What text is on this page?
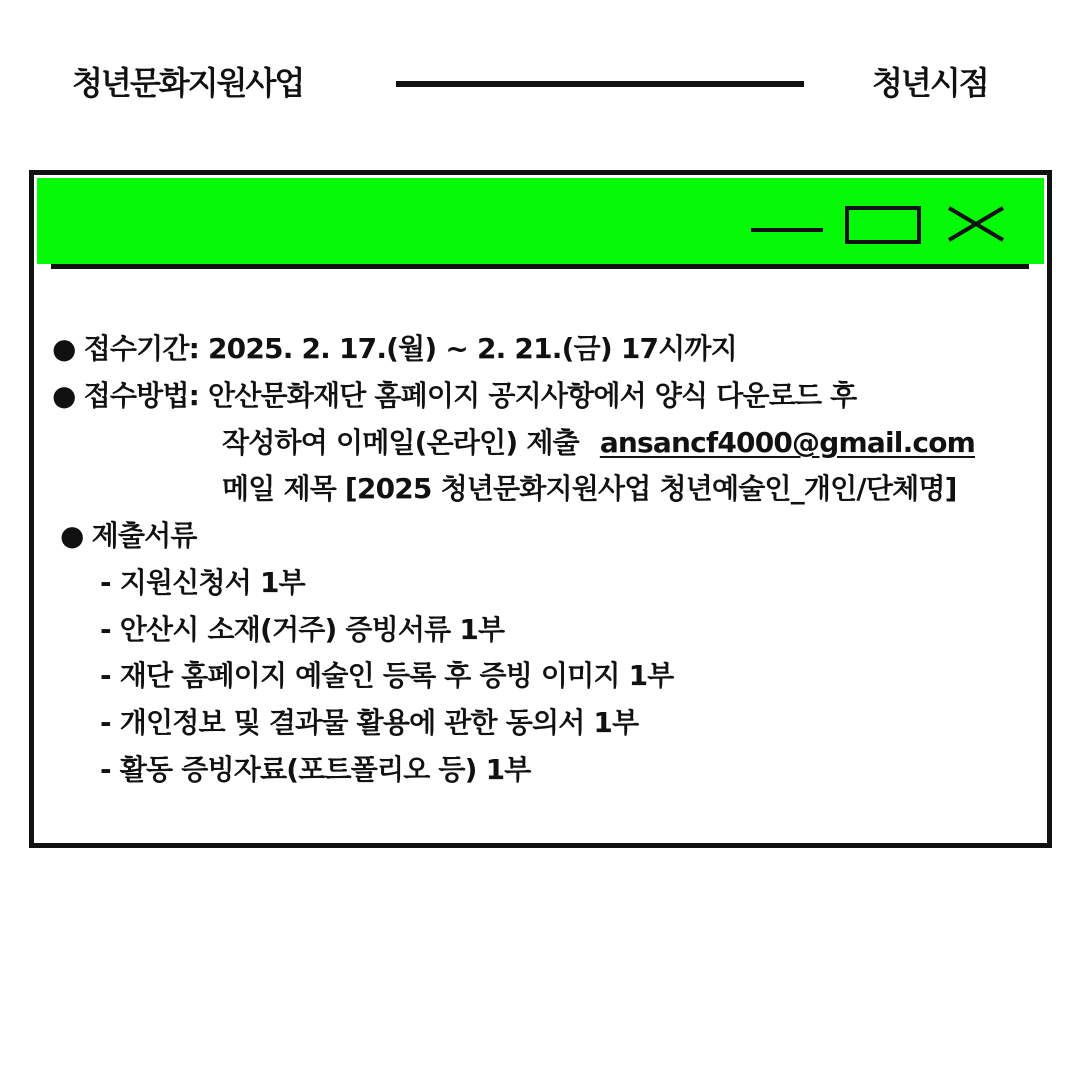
청년문화지원사업	청년시점
● 접수기간: 2025. 2. 17.(월) ~ 2. 21.(금) 17시까지
● 접수방법: 안산문화재단 홈페이지 공지사항에서 양식 다운로드 후
작성하여 이메일(온라인) 제출 ansancf4000@gmail.com
메일 제목 [2025 청년문화지원사업 청년예술인_개인/단체명]
● 제출서류
- 지원신청서 1부
- 안산시 소재(거주) 증빙서류 1부
- 재단 홈페이지 예술인 등록 후 증빙 이미지 1부
- 개인정보 및 결과물 활용에 관한 동의서 1부
- 활동 증빙자료(포트폴리오 등) 1부
